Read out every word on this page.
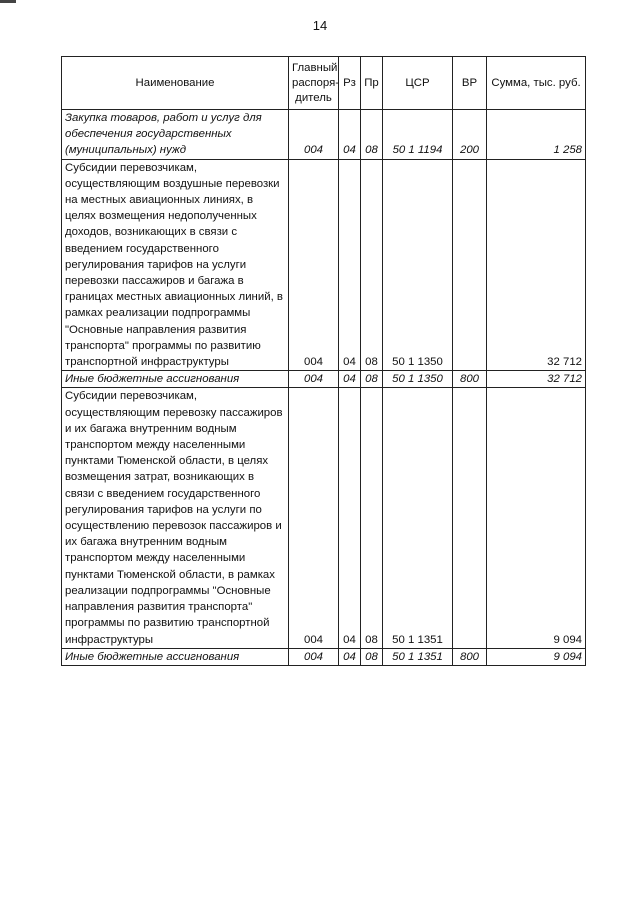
14
Наименование	Главный распоря-дитель	Рз	Пр	ЦСР	ВР	Сумма, тыс. руб.
Закупка товаров, работ и услуг для обеспечения государственных (муниципальных) нужд	004	04	08	50 1 1194	200	1 258
Субсидии перевозчикам, осуществляющим воздушные перевозки на местных авиационных линиях, в целях возмещения недополученных доходов, возникающих в связи с введением государственного регулирования тарифов на услуги перевозки пассажиров и багажа в границах местных авиационных линий, в рамках реализации подпрограммы "Основные направления развития транспорта" программы по развитию транспортной инфраструктуры	004	04	08	50 1 1350		32 712
Иные бюджетные ассигнования	004	04	08	50 1 1350	800	32 712
Субсидии перевозчикам, осуществляющим перевозку пассажиров и их багажа внутренним водным транспортом между населенными пунктами Тюменской области, в целях возмещения затрат, возникающих в связи с введением государственного регулирования тарифов на услуги по осуществлению перевозок пассажиров и их багажа внутренним водным транспортом между населенными пунктами Тюменской области, в рамках реализации подпрограммы "Основные направления развития транспорта" программы по развитию транспортной инфраструктуры	004	04	08	50 1 1351		9 094
Иные бюджетные ассигнования	004	04	08	50 1 1351	800	9 094
